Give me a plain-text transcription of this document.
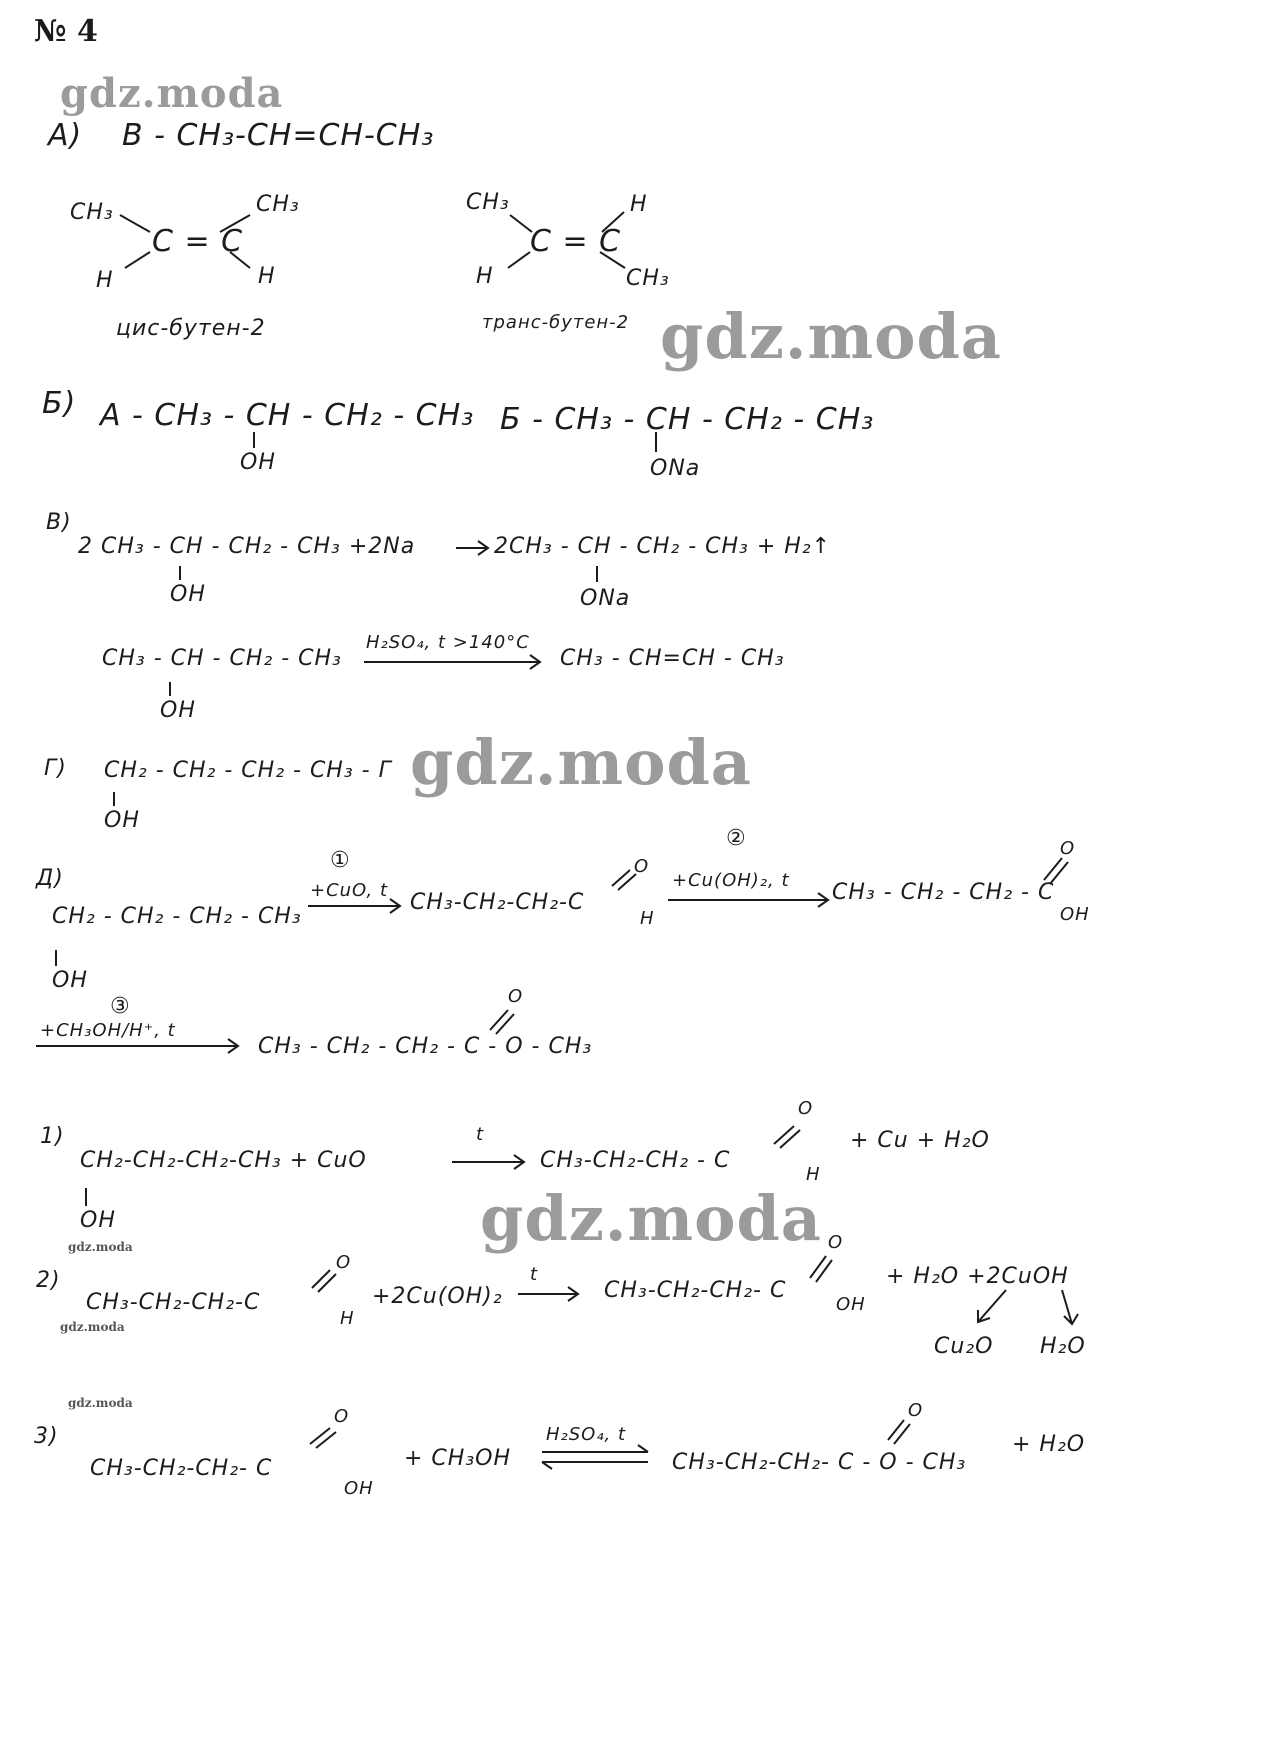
№ 4
gdz.moda
gdz.moda
gdz.moda
gdz.moda
gdz.moda
gdz.moda
gdz.moda
А) B - CH₃-CH=CH-CH₃
CH₃	CH₃
C = C
H	H
цис-бутен-2
CH₃	H
C = C
H	CH₃
транс-бутен-2
Б) A - CH₃ - CH - CH₂ - CH₃
OH
Б - CH₃ - CH - CH₂ - CH₃
ONa
В)
2 CH₃ - CH - CH₂ - CH₃ +2Na
OH
2CH₃ - CH - CH₂ - CH₃ + H₂↑
ONa
CH₃ - CH - CH₂ - CH₃
OH
H₂SO₄, t >140°C
CH₃ - CH=CH - CH₃
Г) CH₂ - CH₂ - CH₂ - CH₃ - Г
OH
Д)
CH₂ - CH₂ - CH₂ - CH₃
OH
①
+CuO, t CH₃-CH₂-CH₂-C
O
H
②
+Cu(OH)₂, t CH₃ - CH₂ - CH₂ - C
O
OH
③
+CH₃OH/H⁺, t
CH₃ - CH₂ - CH₂ - C - O - CH₃
O
1)
CH₂-CH₂-CH₂-CH₃ + CuO
OH
t
CH₃-CH₂-CH₂ - C
O
H
+ Cu + H₂O
2)
CH₃-CH₂-CH₂-C
O
H
+2Cu(OH)₂
t
CH₃-CH₂-CH₂- C
O
OH
+ H₂O +2CuOH
Cu₂O H₂O
3)
CH₃-CH₂-CH₂- C
O
OH
+ CH₃OH
H₂SO₄, t
CH₃-CH₂-CH₂- C - O - CH₃
O
+ H₂O
